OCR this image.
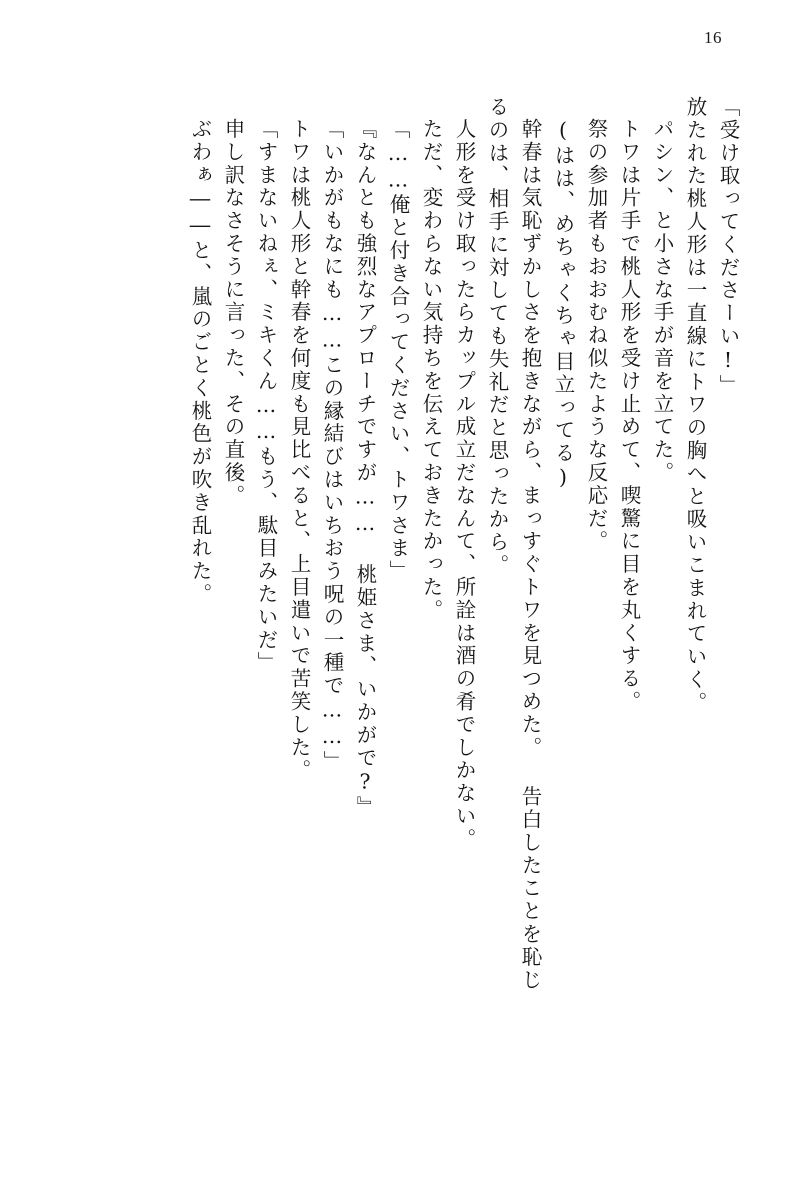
16
「受け取ってくださーい!」
放たれた桃人形は一直線にトワの胸へと吸いこまれていく。
パシン、と小さな手が音を立てた。
トワは片手で桃人形を受け止めて、喫驚に目を丸くする。
祭の参加者もおおむね似たような反応だ。
(はは、めちゃくちゃ目立ってる)
幹春は気恥ずかしさを抱きながら、まっすぐトワを見つめた。 告白したことを恥じ
るのは、相手に対しても失礼だと思ったから。
人形を受け取ったらカップル成立だなんて、所詮は酒の肴でしかない。
ただ、変わらない気持ちを伝えておきたかった。
「……俺と付き合ってください、トワさま」
『なんとも強烈なアプローチですが…… 桃姫さま、いかがで?』
「いかがもなにも……この縁結びはいちおう呪の一種で……」
トワは桃人形と幹春を何度も見比べると、上目遣いで苦笑した。
「すまないねぇ、ミキくん……もう、駄目みたいだ」
申し訳なさそうに言った、その直後。
ぶわぁ――と、嵐のごとく桃色が吹き乱れた。
